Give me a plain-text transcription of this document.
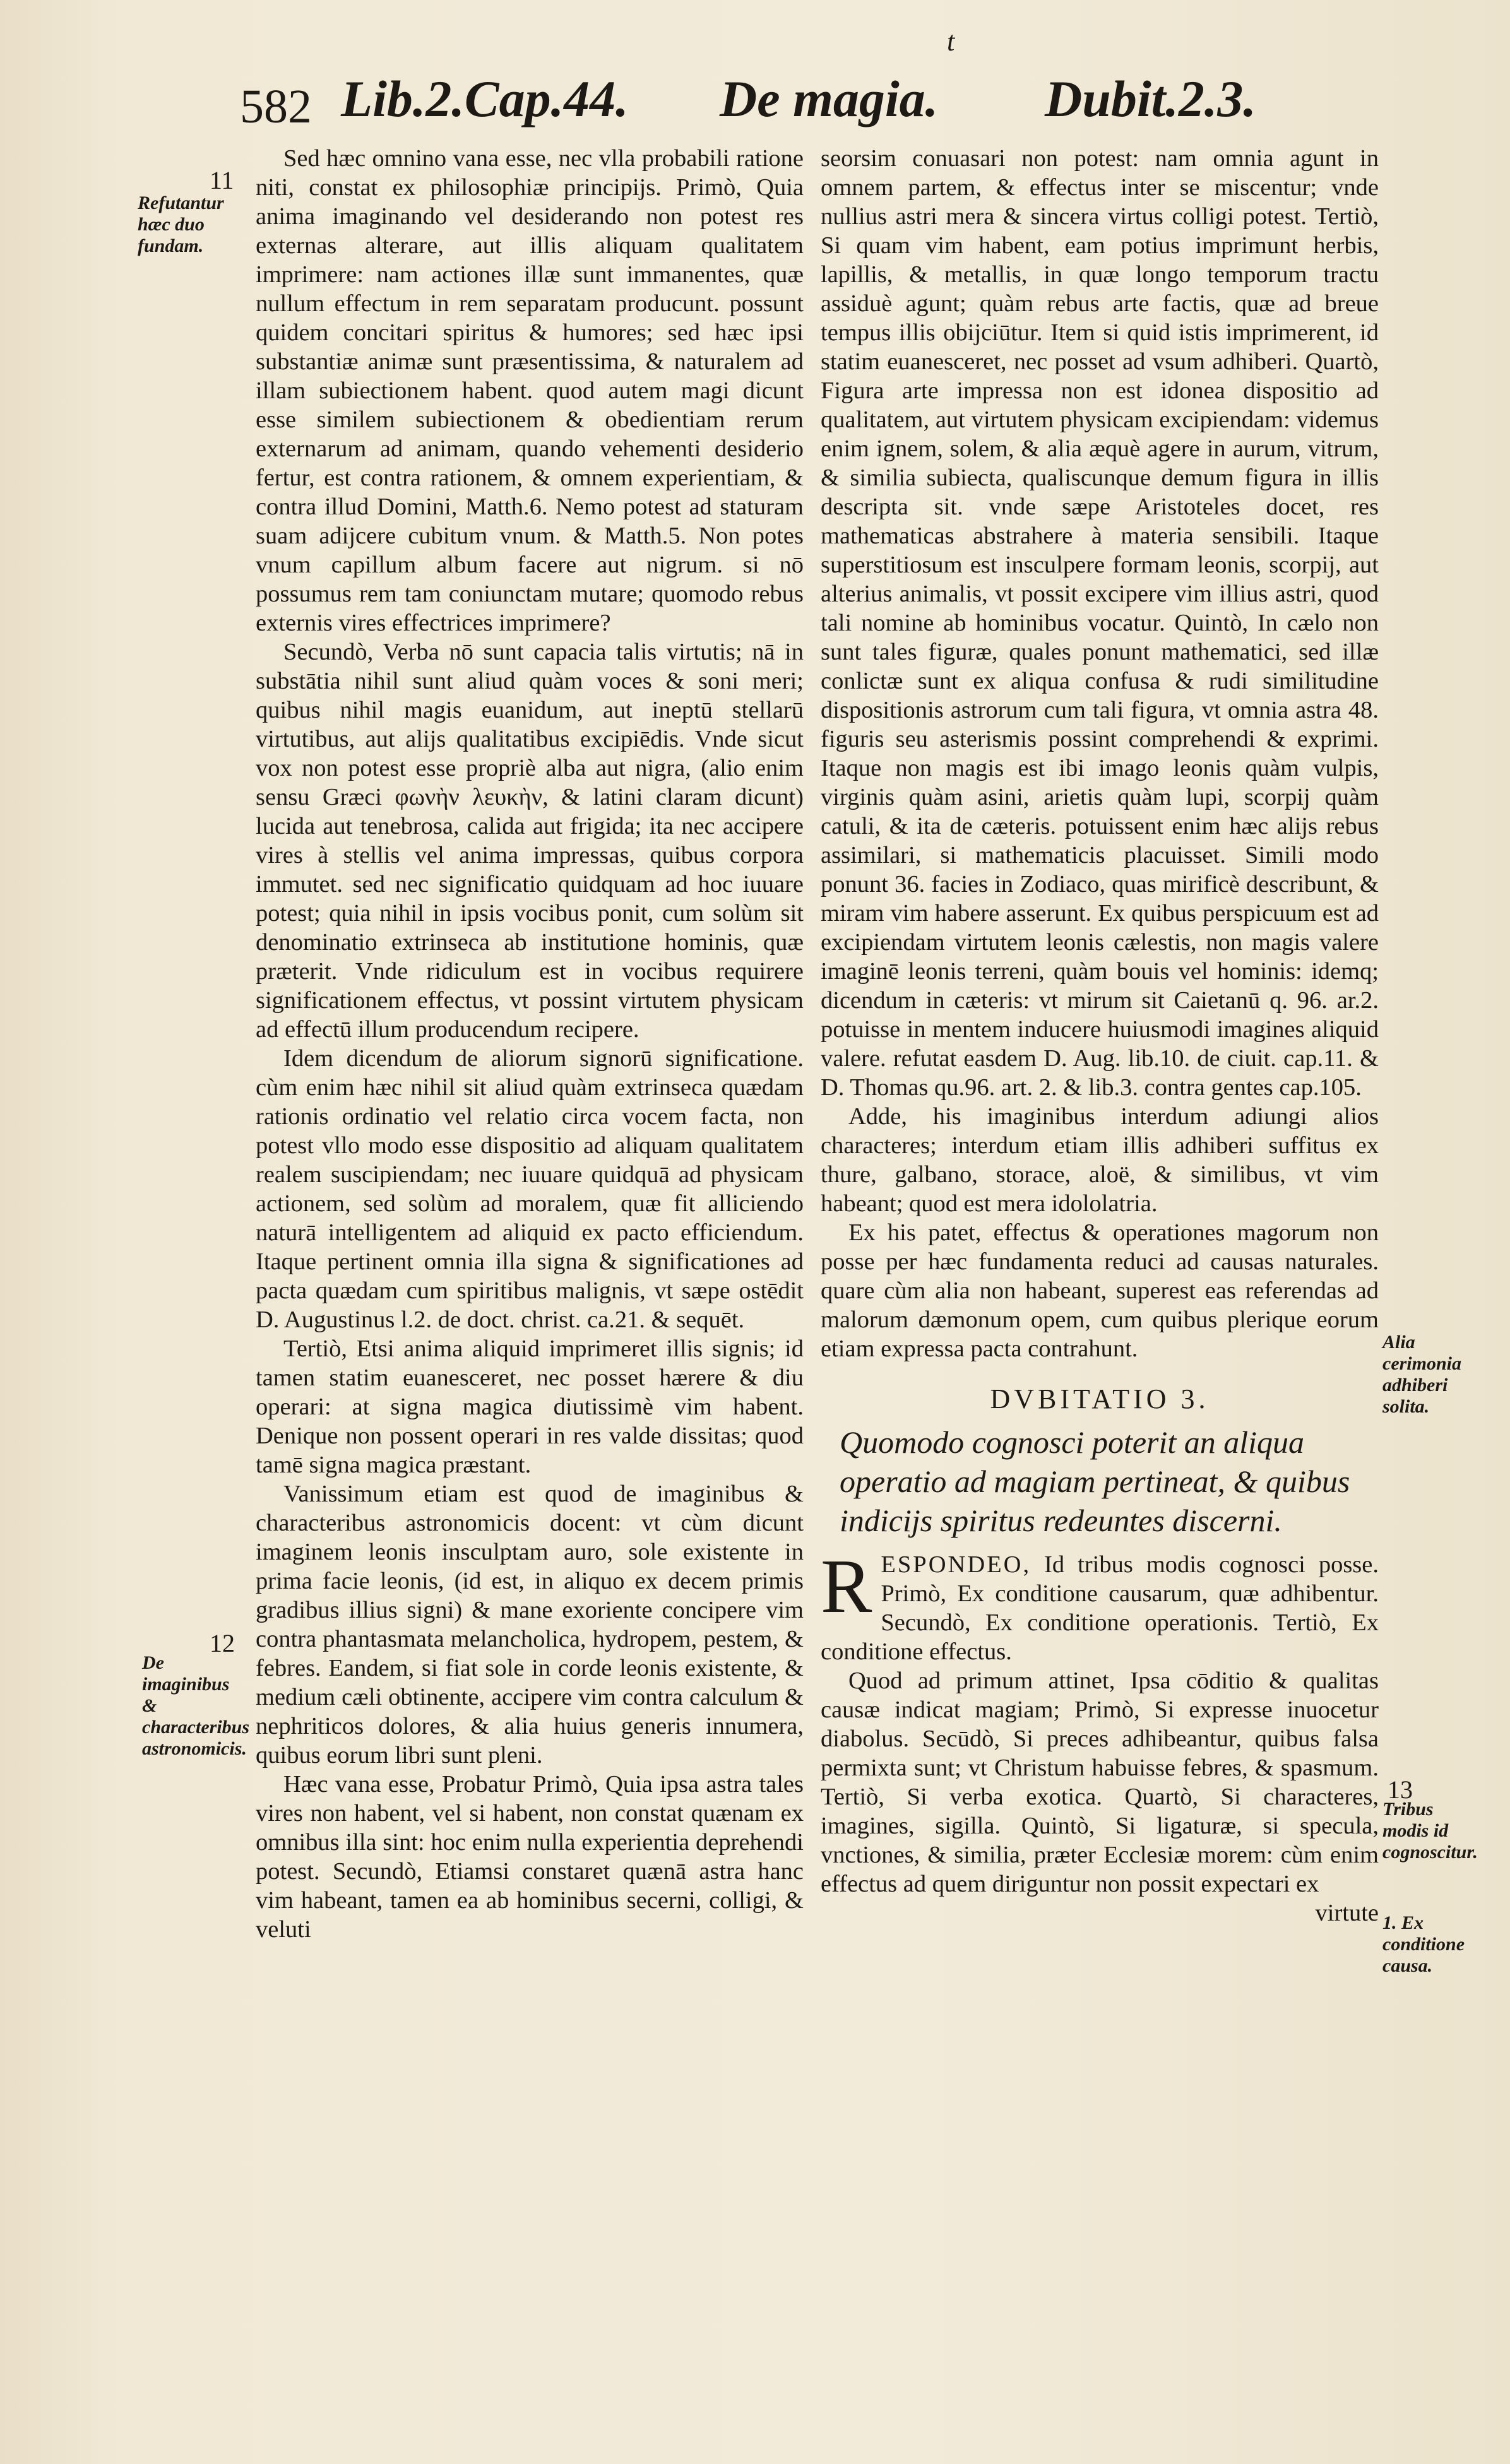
t
582 Lib.2.Cap.44. De magia. Dubit.2.3.
11
Refutantur hæc duo fundam.
12
De imaginibus & characteribus astronomicis.
Alia cerimonia adhiberi solita.
13
Tribus modis id cognoscitur.
1. Ex conditione causa.

Sed hæc omnino vana esse, nec vlla probabili ratione niti, constat ex philosophiæ principijs. Primò, Quia anima imaginando vel desiderando non potest res externas alterare, aut illis aliquam qualitatem imprimere: nam actiones illæ sunt immanentes, quæ nullum effectum in rem separatam producunt. possunt quidem concitari spiritus & humores; sed hæc ipsi substantiæ animæ sunt præsentissima, & naturalem ad illam subiectionem habent. quod autem magi dicunt esse similem subiectionem & obedientiam rerum externarum ad animam, quando vehementi desiderio fertur, est contra rationem, & omnem experientiam, & contra illud Domini, Matth.6. Nemo potest ad staturam suam adijcere cubitum vnum. & Matth.5. Non potes vnum capillum album facere aut nigrum. si nō possumus rem tam coniunctam mutare; quomodo rebus externis vires effectrices imprimere?

Secundò, Verba nō sunt capacia talis virtutis; nā in substātia nihil sunt aliud quàm voces & soni meri; quibus nihil magis euanidum, aut ineptū stellarū virtutibus, aut alijs qualitatibus excipiēdis. Vnde sicut vox non potest esse propriè alba aut nigra, (alio enim sensu Græci φωνὴν λευκὴν, & latini claram dicunt) lucida aut tenebrosa, calida aut frigida; ita nec accipere vires à stellis vel anima impressas, quibus corpora immutet. sed nec significatio quidquam ad hoc iuuare potest; quia nihil in ipsis vocibus ponit, cum solùm sit denominatio extrinseca ab institutione hominis, quæ præterit. Vnde ridiculum est in vocibus requirere significationem effectus, vt possint virtutem physicam ad effectū illum producendum recipere.

Idem dicendum de aliorum signorū significatione. cùm enim hæc nihil sit aliud quàm extrinseca quædam rationis ordinatio vel relatio circa vocem facta, non potest vllo modo esse dispositio ad aliquam qualitatem realem suscipiendam; nec iuuare quidquā ad physicam actionem, sed solùm ad moralem, quæ fit alliciendo naturā intelligentem ad aliquid ex pacto efficiendum. Itaque pertinent omnia illa signa & significationes ad pacta quædam cum spiritibus malignis, vt sæpe ostēdit D. Augustinus l.2. de doct. christ. ca.21. & sequēt.

Tertiò, Etsi anima aliquid imprimeret illis signis; id tamen statim euanesceret, nec posset hærere & diu operari: at signa magica diutissimè vim habent. Denique non possent operari in res valde dissitas; quod tamē signa magica præstant.

Vanissimum etiam est quod de imaginibus & characteribus astronomicis docent: vt cùm dicunt imaginem leonis insculptam auro, sole existente in prima facie leonis, (id est, in aliquo ex decem primis gradibus illius signi) & mane exoriente concipere vim contra phantasmata melancholica, hydropem, pestem, & febres. Eandem, si fiat sole in corde leonis existente, & medium cæli obtinente, accipere vim contra calculum & nephriticos dolores, & alia huius generis innumera, quibus eorum libri sunt pleni.

Hæc vana esse, Probatur Primò, Quia ipsa astra tales vires non habent, vel si habent, non constat quænam ex omnibus illa sint: hoc enim nulla experientia deprehendi potest. Secundò, Etiamsi constaret quænā astra hanc vim habeant, tamen ea ab hominibus secerni, colligi, & veluti

seorsim conuasari non potest: nam omnia agunt in omnem partem, & effectus inter se miscentur; vnde nullius astri mera & sincera virtus colligi potest. Tertiò, Si quam vim habent, eam potius imprimunt herbis, lapillis, & metallis, in quæ longo temporum tractu assiduè agunt; quàm rebus arte factis, quæ ad breue tempus illis obijciūtur. Item si quid istis imprimerent, id statim euanesceret, nec posset ad vsum adhiberi. Quartò, Figura arte impressa non est idonea dispositio ad qualitatem, aut virtutem physicam excipiendam: videmus enim ignem, solem, & alia æquè agere in aurum, vitrum, & similia subiecta, qualiscunque demum figura in illis descripta sit. vnde sæpe Aristoteles docet, res mathematicas abstrahere à materia sensibili. Itaque superstitiosum est insculpere formam leonis, scorpij, aut alterius animalis, vt possit excipere vim illius astri, quod tali nomine ab hominibus vocatur. Quintò, In cælo non sunt tales figuræ, quales ponunt mathematici, sed illæ conlictæ sunt ex aliqua confusa & rudi similitudine dispositionis astrorum cum tali figura, vt omnia astra 48. figuris seu asterismis possint comprehendi & exprimi. Itaque non magis est ibi imago leonis quàm vulpis, virginis quàm asini, arietis quàm lupi, scorpij quàm catuli, & ita de cæteris. potuissent enim hæc alijs rebus assimilari, si mathematicis placuisset. Simili modo ponunt 36. facies in Zodiaco, quas mirificè describunt, & miram vim habere asserunt. Ex quibus perspicuum est ad excipiendam virtutem leonis cælestis, non magis valere imaginē leonis terreni, quàm bouis vel hominis: idemq; dicendum in cæteris: vt mirum sit Caietanū q. 96. ar.2. potuisse in mentem inducere huiusmodi imagines aliquid valere. refutat easdem D. Aug. lib.10. de ciuit. cap.11. & D. Thomas qu.96. art. 2. & lib.3. contra gentes cap.105.

Adde, his imaginibus interdum adiungi alios characteres; interdum etiam illis adhiberi suffitus ex thure, galbano, storace, aloë, & similibus, vt vim habeant; quod est mera idololatria.

Ex his patet, effectus & operationes magorum non posse per hæc fundamenta reduci ad causas naturales. quare cùm alia non habeant, superest eas referendas ad malorum dæmonum opem, cum quibus plerique eorum etiam expressa pacta contrahunt.

DVBITATIO 3.
Quomodo cognosci poterit an aliqua operatio ad magiam pertineat, & quibus indicijs spiritus redeuntes discerni.

R ESPONDEO, Id tribus modis cognosci posse. Primò, Ex conditione causarum, quæ adhibentur. Secundò, Ex conditione operationis. Tertiò, Ex conditione effectus.

Quod ad primum attinet, Ipsa cōditio & qualitas causæ indicat magiam; Primò, Si expresse inuocetur diabolus. Secūdò, Si preces adhibeantur, quibus falsa permixta sunt; vt Christum habuisse febres, & spasmum. Tertiò, Si verba exotica. Quartò, Si characteres, imagines, sigilla. Quintò, Si ligaturæ, si specula, vnctiones, & similia, præter Ecclesiæ morem: cùm enim effectus ad quem diriguntur non possit expectari ex

virtute
